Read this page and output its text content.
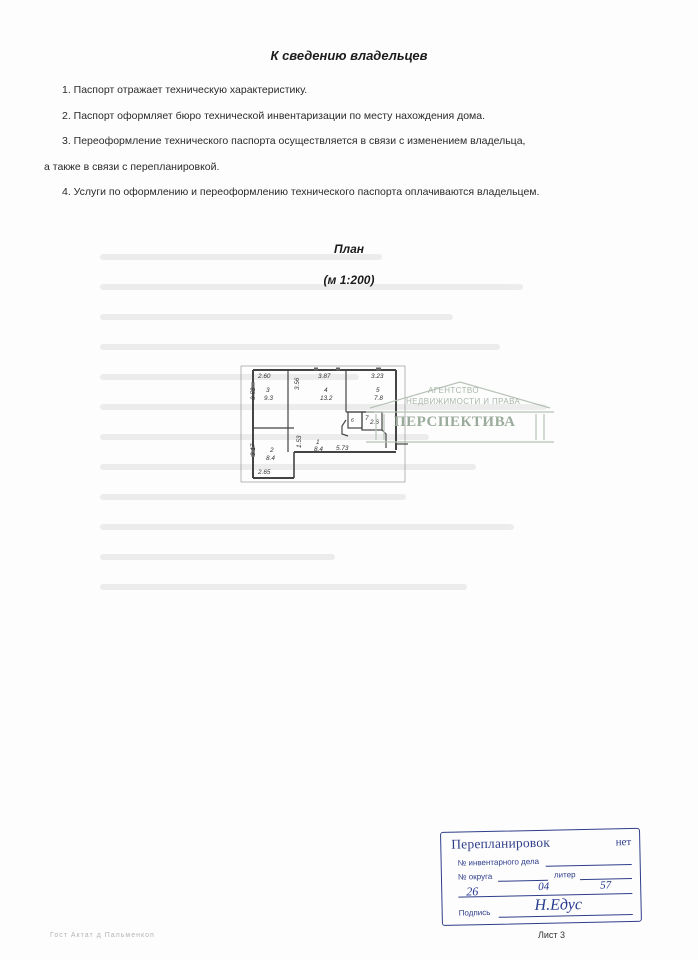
К сведению владельцев

1. Паспорт отражает техническую характеристику.

2. Паспорт оформляет бюро технической инвентаризации по месту нахождения дома.

3. Переоформление технического паспорта осуществляется в связи с изменением владельца,

а также в связи с перепланировкой.

4. Услуги по оформлению и переоформлению технического паспорта оплачиваются владельцем.

План
(м 1:200)
2.60
3.58
3.56
3.87	3.23
3.17
1.53
5.73
2.65
3
9.3
4
13.2
5
7.8
6 7
2.6
2
8.4
1
8.4
АГЕНТСТВО
НЕДВИЖИМОСТИ И ПРАВА
ПЕРСПЕКТИВА
Перепланировок	нет
№ инвентарного дела
№ округа	литер
26	04	57
Подпись	Н.Едус
Лист 3
Гост Актат д Пальменкоп
